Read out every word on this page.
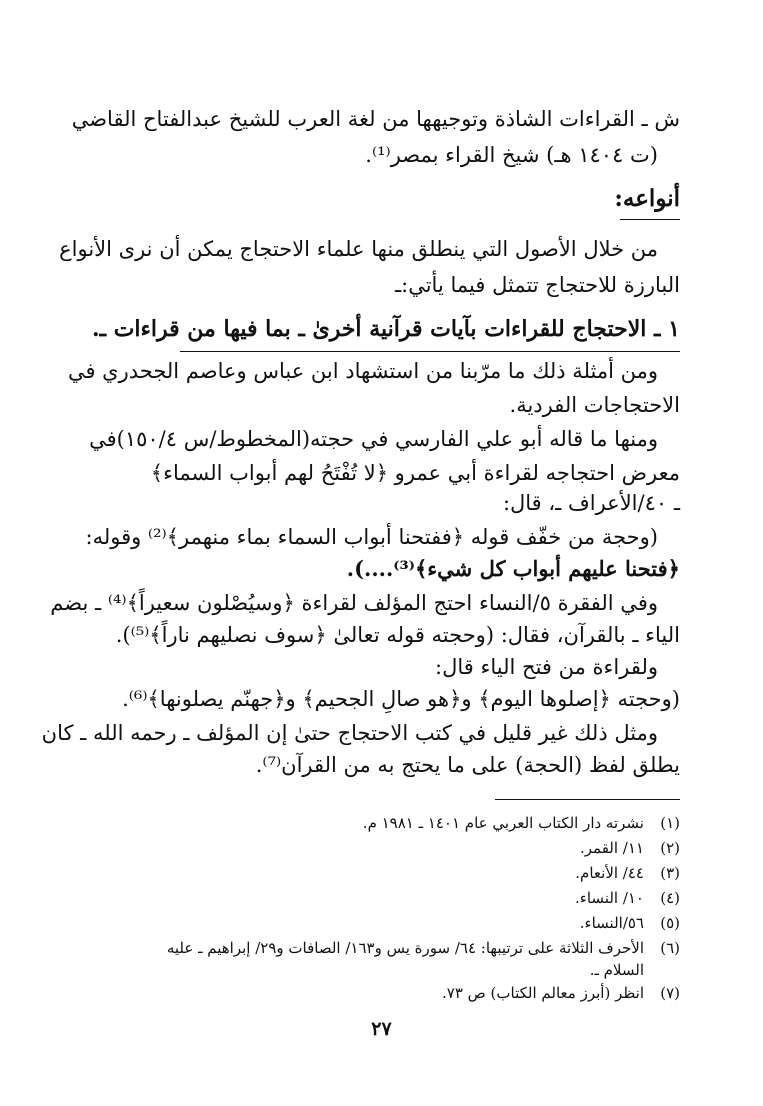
ش ـ القراءات الشاذة وتوجيهها من لغة العرب للشيخ عبدالفتاح القاضي
(ت ١٤٠٤ هـ) شيخ القراء بمصر⁽¹⁾.
أنواعه:
من خلال الأصول التي ينطلق منها علماء الاحتجاج يمكن أن نرى الأنواع
البارزة للاحتجاج تتمثل فيما يأتي:ـ
١ ـ الاحتجاج للقراءات بآيات قرآنية أخرىٰ ـ بما فيها من قراءات ـ.
ومن أمثلة ذلك ما مرّبنا من استشهاد ابن عباس وعاصم الجحدري في
الاحتجاجات الفردية.
ومنها ما قاله أبو علي الفارسي في حجته(المخطوط/س ١٥٠/٤)في
معرض احتجاجه لقراءة أبي عمرو ﴿لا تُفْتَحُ لهم أبواب السماء﴾
ـ ٤٠/الأعراف ـ، قال:
(وحجة من خفّف قوله ﴿ففتحنا أبواب السماء بماء منهمر﴾⁽²⁾ وقوله:
﴿فتحنا عليهم أبواب كل شيء﴾⁽³⁾....).
وفي الفقرة ٥/النساء احتج المؤلف لقراءة ﴿وسيُصْلون سعيراً﴾⁽⁴⁾ ـ بضم
الياء ـ بالقرآن، فقال: (وحجته قوله تعالىٰ ﴿سوف نصليهم ناراً﴾⁽⁵⁾).
ولقراءة من فتح الياء قال:
(وحجته ﴿إصلوها اليوم﴾ و﴿هو صالِ الجحيم﴾ و﴿جهنّم يصلونها﴾⁽⁶⁾.
ومثل ذلك غير قليل في كتب الاحتجاج حتىٰ إن المؤلف ـ رحمه الله ـ كان
يطلق لفظ (الحجة) على ما يحتج به من القرآن⁽⁷⁾.
(١)نشرته دار الكتاب العربي عام ١٤٠١ ـ ١٩٨١ م.
(٢)١١/ القمر.
(٣)٤٤/ الأنعام.
(٤)١٠/ النساء.
(٥)٥٦/النساء.
(٦)الأحرف الثلاثة على ترتيبها: ٦٤/ سورة يس و١٦٣/ الصافات و٢٩/ إبراهيم ـ عليه
السلام ـ.
(٧)انظر (أبرز معالم الكتاب) ص ٧٣.
٢٧
